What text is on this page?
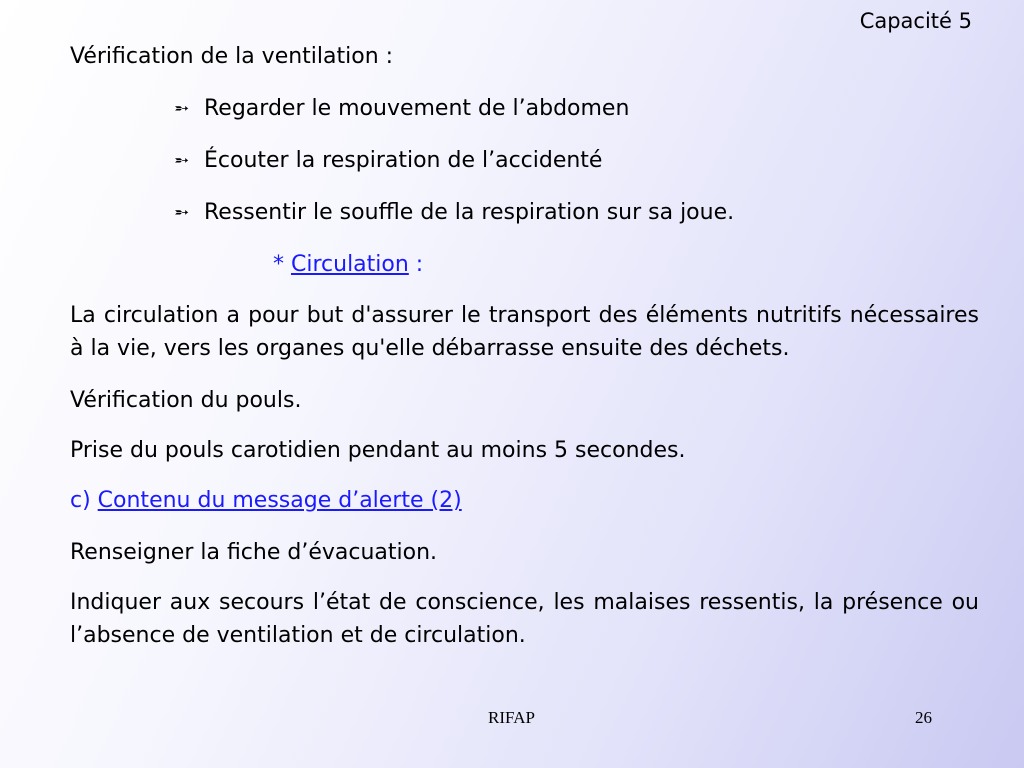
Capacité 5

Vérification de la ventilation :

➵ Regarder le mouvement de l’abdomen

➵ Écouter la respiration de l’accidenté

➵ Ressentir le souffle de la respiration sur sa joue.

* Circulation :

La circulation a pour but d'assurer le transport des éléments nutritifs nécessaires à la vie, vers les organes qu'elle débarrasse ensuite des déchets.

Vérification du pouls.

Prise du pouls carotidien pendant au moins 5 secondes.

c) Contenu du message d’alerte (2)

Renseigner la fiche d’évacuation.

Indiquer aux secours l’état de conscience, les malaises ressentis, la présence ou l’absence de ventilation et de circulation.

RIFAP	26
